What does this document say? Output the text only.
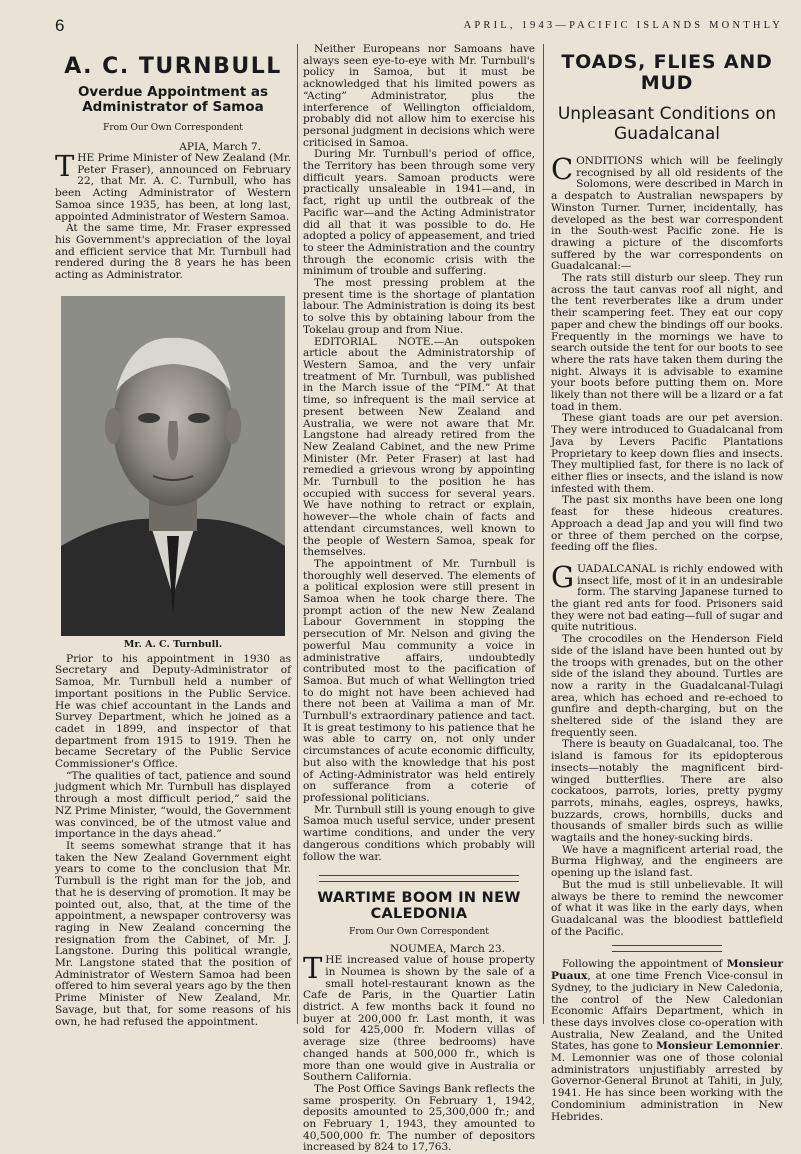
6	APRIL, 1943—PACIFIC ISLANDS MONTHLY
A. C. TURNBULL
Overdue Appointment as Administrator of Samoa

From Our Own Correspondent

APIA, March 7.

THE Prime Minister of New Zealand (Mr. Peter Fraser), announced on February 22, that Mr. A. C. Turnbull, who has been Acting Administrator of Western Samoa since 1935, has been, at long last, appointed Administrator of Western Samoa.

At the same time, Mr. Fraser expressed his Government's appreciation of the loyal and efficient service that Mr. Turnbull had rendered during the 8 years he has been acting as Administrator.

Mr. A. C. Turnbull.

Prior to his appointment in 1930 as Secretary and Deputy-Administrator of Samoa, Mr. Turnbull held a number of important positions in the Public Service. He was chief accountant in the Lands and Survey Department, which he joined as a cadet in 1899, and inspector of that department from 1915 to 1919. Then he became Secretary of the Public Service Commissioner's Office.

“The qualities of tact, patience and sound judgment which Mr. Turnbull has displayed through a most difficult period,” said the NZ Prime Minister, “would, the Government was convinced, be of the utmost value and importance in the days ahead.”

It seems somewhat strange that it has taken the New Zealand Government eight years to come to the conclusion that Mr. Turnbull is the right man for the job, and that he is deserving of promotion. It may be pointed out, also, that, at the time of the appointment, a newspaper controversy was raging in New Zealand concerning the resignation from the Cabinet, of Mr. J. Langstone. During this political wrangle, Mr. Langstone stated that the position of Administrator of Western Samoa had been offered to him several years ago by the then Prime Minister of New Zealand, Mr. Savage, but that, for some reasons of his own, he had refused the appointment.

Neither Europeans nor Samoans have always seen eye-to-eye with Mr. Turnbull's policy in Samoa, but it must be acknowledged that his limited powers as “Acting” Administrator, plus the interference of Wellington officialdom, probably did not allow him to exercise his personal judgment in decisions which were criticised in Samoa.

During Mr. Turnbull's period of office, the Territory has been through some very difficult years. Samoan products were practically unsaleable in 1941—and, in fact, right up until the outbreak of the Pacific war—and the Acting Administrator did all that it was possible to do. He adopted a policy of appeasement, and tried to steer the Administration and the country through the economic crisis with the minimum of trouble and suffering.

The most pressing problem at the present time is the shortage of plantation labour. The Administration is doing its best to solve this by obtaining labour from the Tokelau group and from Niue.

EDITORIAL NOTE.—An outspoken article about the Administratorship of Western Samoa, and the very unfair treatment of Mr. Turnbull, was published in the March issue of the “PIM.” At that time, so infrequent is the mail service at present between New Zealand and Australia, we were not aware that Mr. Langstone had already retired from the New Zealand Cabinet, and the new Prime Minister (Mr. Peter Fraser) at last had remedied a grievous wrong by appointing Mr. Turnbull to the position he has occupied with success for several years. We have nothing to retract or explain, however—the whole chain of facts and attendant circumstances, well known to the people of Western Samoa, speak for themselves.

The appointment of Mr. Turnbull is thoroughly well deserved. The elements of a political explosion were still present in Samoa when he took charge there. The prompt action of the new New Zealand Labour Government in stopping the persecution of Mr. Nelson and giving the powerful Mau community a voice in administrative affairs, undoubtedly contributed most to the pacification of Samoa. But much of what Wellington tried to do might not have been achieved had there not been at Vailima a man of Mr. Turnbull's extraordinary patience and tact. It is great testimony to his patience that he was able to carry on, not only under circumstances of acute economic difficulty, but also with the knowledge that his post of Acting-Administrator was held entirely on sufferance from a coterie of professional politicians.

Mr. Turnbull still is young enough to give Samoa much useful service, under present wartime conditions, and under the very dangerous conditions which probably will follow the war.

WARTIME BOOM IN NEW CALEDONIA

From Our Own Correspondent

NOUMEA, March 23.

THE increased value of house property in Noumea is shown by the sale of a small hotel-restaurant known as the Cafe de Paris, in the Quartier Latin district. A few months back it found no buyer at 200,000 fr. Last month, it was sold for 425,000 fr. Modern villas of average size (three bedrooms) have changed hands at 500,000 fr., which is more than one would give in Australia or Southern California.

The Post Office Savings Bank reflects the same prosperity. On February 1, 1942, deposits amounted to 25,300,000 fr.; and on February 1, 1943, they amounted to 40,500,000 fr. The number of depositors increased by 824 to 17,763.

TOADS, FLIES AND MUD
Unpleasant Conditions on Guadalcanal

CONDITIONS which will be feelingly recognised by all old residents of the Solomons, were described in March in a despatch to Australian newspapers by Winston Turner. Turner, incidentally, has developed as the best war correspondent in the South-west Pacific zone. He is drawing a picture of the discomforts suffered by the war correspondents on Guadalcanal:—

The rats still disturb our sleep. They run across the taut canvas roof all night, and the tent reverberates like a drum under their scampering feet. They eat our copy paper and chew the bindings off our books. Frequently in the mornings we have to search outside the tent for our boots to see where the rats have taken them during the night. Always it is advisable to examine your boots before putting them on. More likely than not there will be a lizard or a fat toad in them.

These giant toads are our pet aversion. They were introduced to Guadalcanal from Java by Levers Pacific Plantations Proprietary to keep down flies and insects. They multiplied fast, for there is no lack of either flies or insects, and the island is now infested with them.

The past six months have been one long feast for these hideous creatures. Approach a dead Jap and you will find two or three of them perched on the corpse, feeding off the flies.

GUADALCANAL is richly endowed with insect life, most of it in an undesirable form. The starving Japanese turned to the giant red ants for food. Prisoners said they were not bad eating—full of sugar and quite nutritious.

The crocodiles on the Henderson Field side of the island have been hunted out by the troops with grenades, but on the other side of the island they abound. Turtles are now a rarity in the Guadalcanal-Tulagi area, which has echoed and re-echoed to gunfire and depth-charging, but on the sheltered side of the island they are frequently seen.

There is beauty on Guadalcanal, too. The island is famous for its epidopterous insects—notably the magnificent bird-winged butterflies. There are also cockatoos, parrots, lories, pretty pygmy parrots, minahs, eagles, ospreys, hawks, buzzards, crows, hornbills, ducks and thousands of smaller birds such as willie wagtails and the honey-sucking birds.

We have a magnificent arterial road, the Burma Highway, and the engineers are opening up the island fast.

But the mud is still unbelievable. It will always be there to remind the newcomer of what it was like in the early days, when Guadalcanal was the bloodiest battlefield of the Pacific.

Following the appointment of Monsieur Puaux, at one time French Vice-consul in Sydney, to the judiciary in New Caledonia, the control of the New Caledonian Economic Affairs Department, which in these days involves close co-operation with Australia, New Zealand, and the United States, has gone to Monsieur Lemonnier. M. Lemonnier was one of those colonial administrators unjustifiably arrested by Governor-General Brunot at Tahiti, in July, 1941. He has since been working with the Condominium administration in New Hebrides.
